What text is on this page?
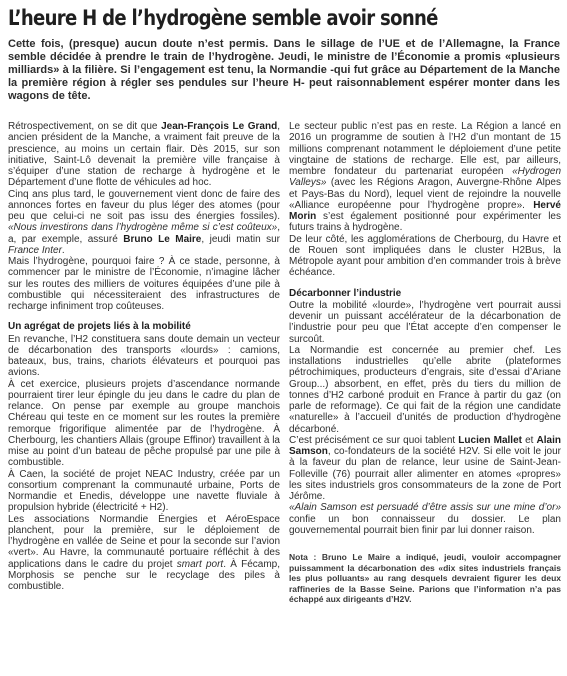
L’heure H de l’hydrogène semble avoir sonné

Cette fois, (presque) aucun doute n’est permis. Dans le sillage de l’UE et de l’Allemagne, la France semble décidée à prendre le train de l’hydrogène. Jeudi, le ministre de l’Économie a promis «plusieurs milliards» à la filière. Si l’engagement est tenu, la Normandie -qui fut grâce au Département de la Manche la première région à régler ses pendules sur l’heure H- peut raisonnablement espérer monter dans les wagons de tête.

Rétrospectivement, on se dit que Jean-François Le Grand, ancien président de la Manche, a vraiment fait preuve de la prescience, au moins un certain flair. Dès 2015, sur son initiative, Saint-Lô devenait la première ville française à s’équiper d’une station de recharge à hydrogène et le Département d’une flotte de véhicules ad hoc.

Cinq ans plus tard, le gouvernement vient donc de faire des annonces fortes en faveur du plus léger des atomes (pour peu que celui-ci ne soit pas issu des énergies fossiles). «Nous investirons dans l’hydrogène même si c’est coûteux», a, par exemple, assuré Bruno Le Maire, jeudi matin sur France Inter.

Mais l’hydrogène, pourquoi faire ? À ce stade, personne, à commencer par le ministre de l’Économie, n’imagine lâcher sur les routes des milliers de voitures équipées d’une pile à combustible qui nécessiteraient des infrastructures de recharge infiniment trop coûteuses.

Un agrégat de projets liés à la mobilité

En revanche, l’H2 constituera sans doute demain un vecteur de décarbonation des transports «lourds» : camions, bateaux, bus, trains, chariots élévateurs et pourquoi pas avions.

À cet exercice, plusieurs projets d’ascendance normande pourraient tirer leur épingle du jeu dans le cadre du plan de relance. On pense par exemple au groupe manchois Chéreau qui teste en ce moment sur les routes la première remorque frigorifique alimentée par de l’hydrogène. À Cherbourg, les chantiers Allais (groupe Effinor) travaillent à la mise au point d’un bateau de pêche propulsé par une pile à combustible.

À Caen, la société de projet NEAC Industry, créée par un consortium comprenant la communauté urbaine, Ports de Normandie et Enedis, développe une navette fluviale à propulsion hybride (électricité + H2).

Les associations Normandie Énergies et AéroEspace planchent, pour la première, sur le déploiement de l’hydrogène en vallée de Seine et pour la seconde sur l’avion «vert». Au Havre, la communauté portuaire réfléchit à des applications dans le cadre du projet smart port. À Fécamp, Morphosis se penche sur le recyclage des piles à combustible.

Le secteur public n’est pas en reste. La Région a lancé en 2016 un programme de soutien à l’H2 d’un montant de 15 millions comprenant notamment le déploiement d’une petite vingtaine de stations de recharge. Elle est, par ailleurs, membre fondateur du partenariat européen «Hydrogen Valleys» (avec les Régions Aragon, Auvergne-Rhône Alpes et Pays-Bas du Nord), lequel vient de rejoindre la nouvelle «Alliance européenne pour l’hydrogène propre». Hervé Morin s’est également positionné pour expérimenter les futurs trains à hydrogène.

De leur côté, les agglomérations de Cherbourg, du Havre et de Rouen sont impliquées dans le cluster H2Bus, la Métropole ayant pour ambition d’en commander trois à brève échéance.

Décarbonner l’industrie

Outre la mobilité «lourde», l’hydrogène vert pourrait aussi devenir un puissant accélérateur de la décarbonation de l’industrie pour peu que l’État accepte d’en compenser le surcoût.

La Normandie est concernée au premier chef. Les installations industrielles qu’elle abrite (plateformes pétrochimiques, producteurs d’engrais, site d’essai d’Ariane Group...) absorbent, en effet, près du tiers du million de tonnes d’H2 carboné produit en France à partir du gaz (on parle de reformage). Ce qui fait de la région une candidate «naturelle» à l’accueil d’unités de production d’hydrogène décarboné.

C’est précisément ce sur quoi tablent Lucien Mallet et Alain Samson, co-fondateurs de la société H2V. Si elle voit le jour à la faveur du plan de relance, leur usine de Saint-Jean-Folleville (76) pourrait aller alimenter en atomes «propres» les sites industriels gros consommateurs de la zone de Port Jérôme.

«Alain Samson est persuadé d’être assis sur une mine d’or» confie un bon connaisseur du dossier. Le plan gouvernemental pourrait bien finir par lui donner raison.

Nota : Bruno Le Maire a indiqué, jeudi, vouloir accompagner puissamment la décarbonation des «dix sites industriels français les plus polluants» au rang desquels devraient figurer les deux raffineries de la Basse Seine. Parions que l’information n’a pas échappé aux dirigeants d’H2V.
